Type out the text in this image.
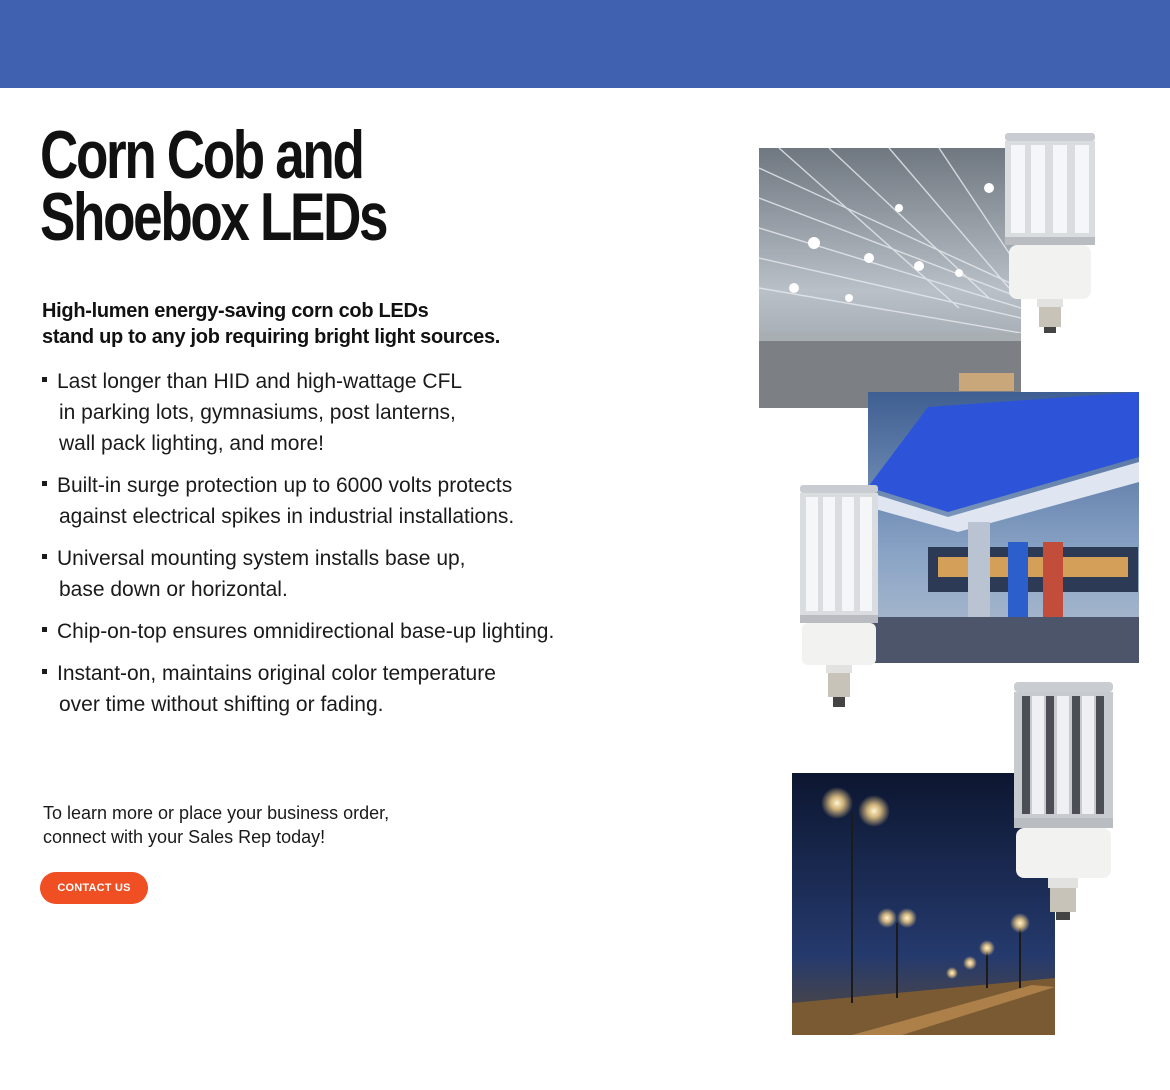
Corn Cob and
Shoebox LEDs

High-lumen energy-saving corn cob LEDs
stand up to any job requiring bright light sources.

Last longer than HID and high-wattage CFL
in parking lots, gymnasiums, post lanterns,
wall pack lighting, and more!
Built-in surge protection up to 6000 volts protects
against electrical spikes in industrial installations.
Universal mounting system installs base up,
base down or horizontal.
Chip-on-top ensures omnidirectional base-up lighting.
Instant-on, maintains original color temperature
over time without shifting or fading.

To learn more or place your business order,
connect with your Sales Rep today!

CONTACT US
